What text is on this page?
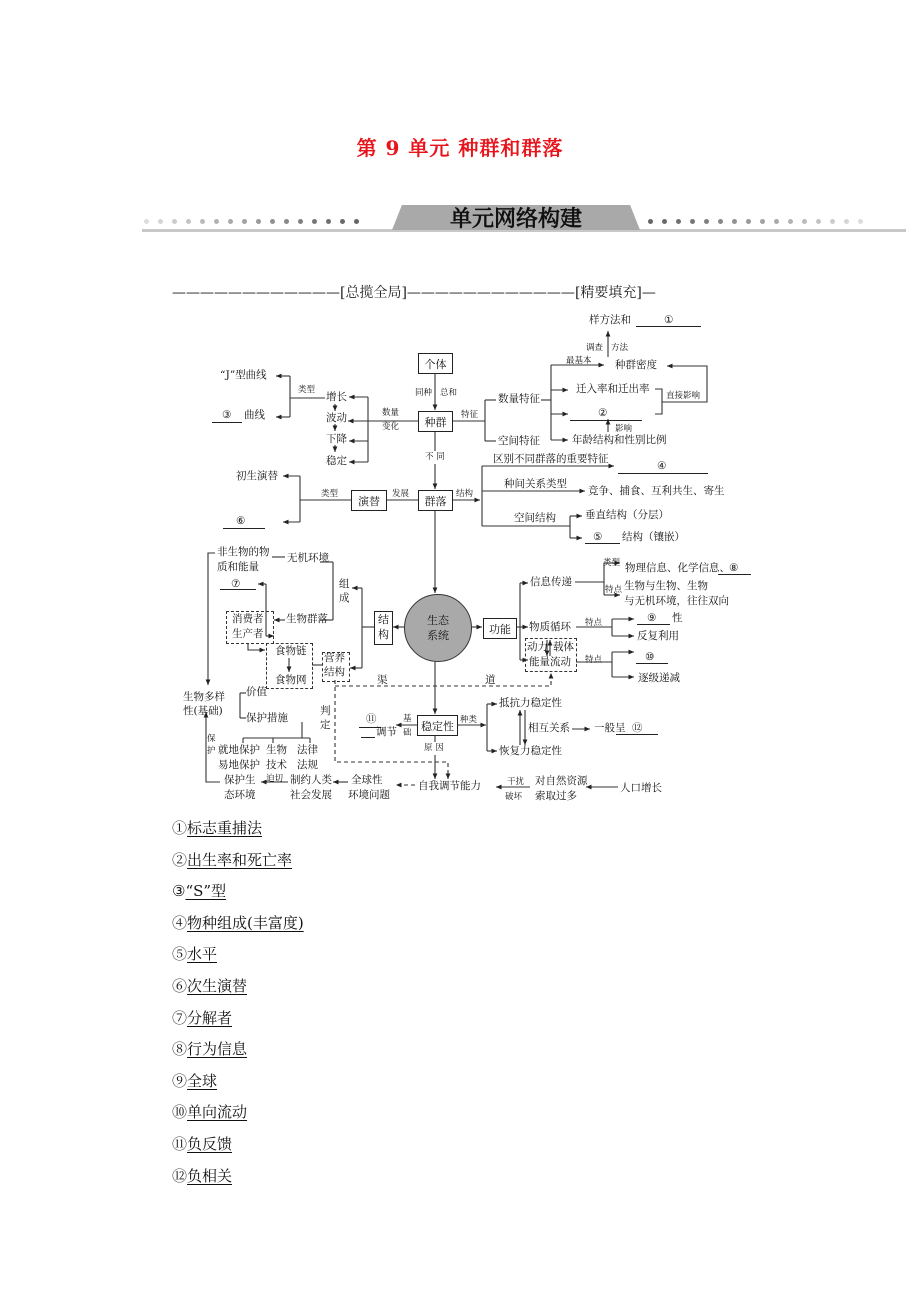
第 9 单元 种群和群落
单元网络构建
————————————[总揽全局]————————————[精要填充]—
个体
同种 总和
种群
不 同
群落
“J”型曲线
类型
增长
波动
下降
稳定
数量
变化
③ 曲线	特征
数量特征
空间特征
样方法和	①
调查 方法
最基本 种群密度
迁入率和迁出率
直接影响
②
影响
年龄结构和性别比例
区别不同群落的重要特征
④
结构
种间关系类型
竞争、捕食、互利共生、寄生
空间结构	垂直结构（分层）
⑤ 结构（镶嵌）
初生演替
类型
演替
发展
⑥
非生物的物
质和能量
无机环境
组
成
⑦
消费者
生产者
生物群落	结
构
生态系统
食物链
食物网
营养
结构
渠	道
生物多样
性(基础)
价值
保护措施
判
定	⑪
调节
基
础
稳定性 种类
原 因
就地保护
易地保护
生物
技术
法律
法规
保
护
保护生
态环境
迫切 制约人类
社会发展
全球性
环境问题
自我调节能力	干扰
破坏
对自然资源
索取过多
人口增长
信息传递
类型 物理信息、化学信息、 ⑧
特点 生物与生物、生物
与无机环境，往往双向
功能	物质循环 特点	⑨ 性
反复利用
动力 载体
能量流动 特点	⑩
逐级递减
抵抗力稳定性
相互关系 一般呈 ⑫
恢复力稳定性
①标志重捕法
②出生率和死亡率
③“S”型
④物种组成(丰富度)
⑤水平
⑥次生演替
⑦分解者
⑧行为信息
⑨全球
⑩单向流动
⑪负反馈
⑫负相关
